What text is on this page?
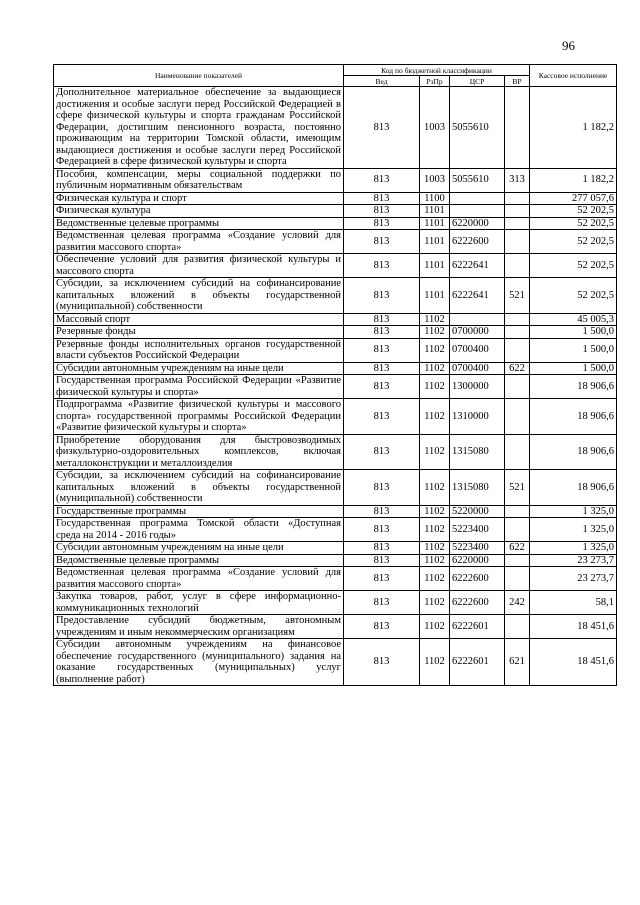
96
Наименование показателей	Код по бюджетной классификации				Кассовое исполнение
	Вед	РзПр	ЦСР	ВР	
Дополнительное материальное обеспечение за выдающиеся достижения и особые заслуги перед Российской Федерацией в сфере физической культуры и спорта гражданам Российской Федерации, достигшим пенсионного возраста, постоянно проживающим на территории Томской области, имеющим выдающиеся достижения и особые заслуги перед Российской Федерацией в сфере физической культуры и спорта	813	1003	5055610		1 182,2
Пособия, компенсации, меры социальной поддержки по публичным нормативным обязательствам	813	1003	5055610	313	1 182,2
Физическая культура и спорт	813	1100			277 057,6
Физическая культура	813	1101			52 202,5
Ведомственные целевые программы	813	1101	6220000		52 202,5
Ведомственная целевая программа «Создание условий для развития массового спорта»	813	1101	6222600		52 202,5
Обеспечение условий для развития физической культуры и массового спорта	813	1101	6222641		52 202,5
Субсидии, за исключением субсидий на софинансирование капитальных вложений в объекты государственной (муниципальной) собственности	813	1101	6222641	521	52 202,5
Массовый спорт	813	1102			45 005,3
Резервные фонды	813	1102	0700000		1 500,0
Резервные фонды исполнительных органов государственной власти субъектов Российской Федерации	813	1102	0700400		1 500,0
Субсидии автономным учреждениям на иные цели	813	1102	0700400	622	1 500,0
Государственная программа Российской Федерации «Развитие физической культуры и спорта»	813	1102	1300000		18 906,6
Подпрограмма «Развитие физической культуры и массового спорта» государственной программы Российской Федерации «Развитие физической культуры и спорта»	813	1102	1310000		18 906,6
Приобретение оборудования для быстровозводимых физкультурно-оздоровительных комплексов, включая металлоконструкции и металлоизделия	813	1102	1315080		18 906,6
Субсидии, за исключением субсидий на софинансирование капитальных вложений в объекты государственной (муниципальной) собственности	813	1102	1315080	521	18 906,6
Государственные программы	813	1102	5220000		1 325,0
Государственная программа Томской области «Доступная среда на 2014 - 2016 годы»	813	1102	5223400		1 325,0
Субсидии автономным учреждениям на иные цели	813	1102	5223400	622	1 325,0
Ведомственные целевые программы	813	1102	6220000		23 273,7
Ведомственная целевая программа «Создание условий для развития массового спорта»	813	1102	6222600		23 273,7
Закупка товаров, работ, услуг в сфере информационно-коммуникационных технологий	813	1102	6222600	242	58,1
Предоставление субсидий бюджетным, автономным учреждениям и иным некоммерческим организациям	813	1102	6222601		18 451,6
Субсидии автономным учреждениям на финансовое обеспечение государственного (муниципального) задания на оказание государственных (муниципальных) услуг (выполнение работ)	813	1102	6222601	621	18 451,6
